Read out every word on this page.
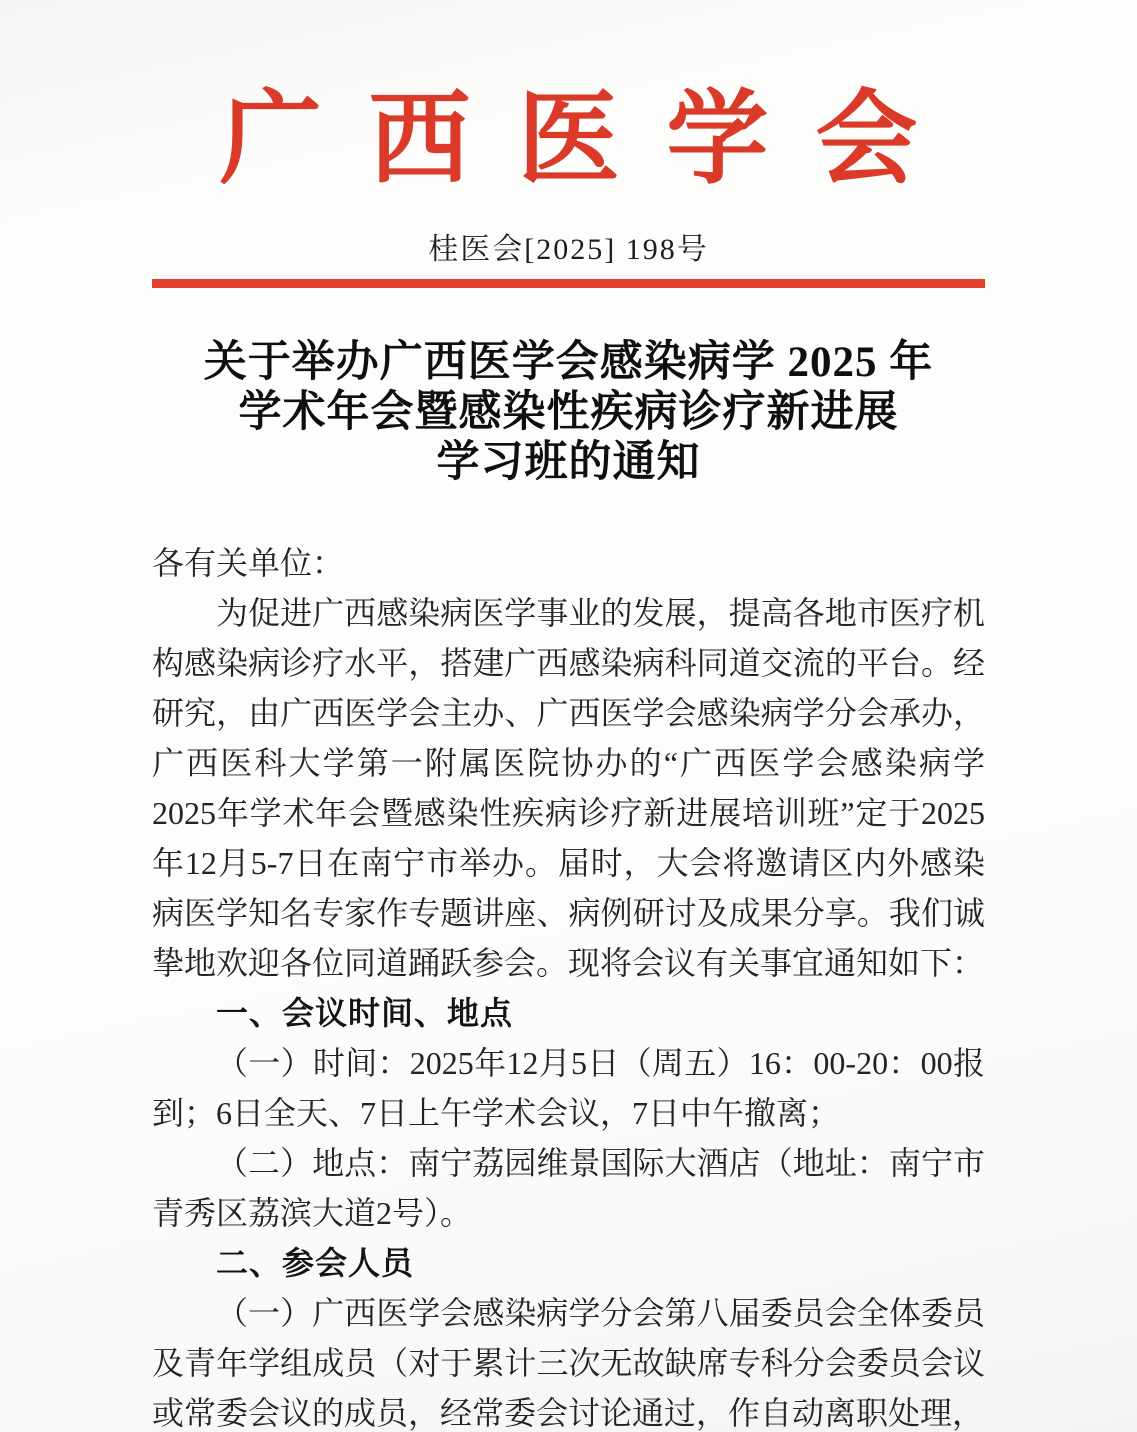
广西医学会
桂医会[2025] 198号
关于举办广西医学会感染病学 2025 年
学术年会暨感染性疾病诊疗新进展
学习班的通知

各有关单位：

为促进广西感染病医学事业的发展，提高各地市医疗机构感染病诊疗水平，搭建广西感染病科同道交流的平台。经研究，由广西医学会主办、广西医学会感染病学分会承办，广西医科大学第一附属医院协办的“广西医学会感染病学2025年学术年会暨感染性疾病诊疗新进展培训班”定于2025年12月5-7日在南宁市举办。届时，大会将邀请区内外感染病医学知名专家作专题讲座、病例研讨及成果分享。我们诚挚地欢迎各位同道踊跃参会。现将会议有关事宜通知如下：

一、会议时间、地点

（一）时间：2025年12月5日（周五）16：00-20：00报到；6日全天、7日上午学术会议，7日中午撤离；

（二）地点：南宁荔园维景国际大酒店（地址：南宁市青秀区荔滨大道2号）。

二、参会人员

（一）广西医学会感染病学分会第八届委员会全体委员及青年学组成员（对于累计三次无故缺席专科分会委员会议或常委会议的成员，经常委会讨论通过，作自动离职处理，
